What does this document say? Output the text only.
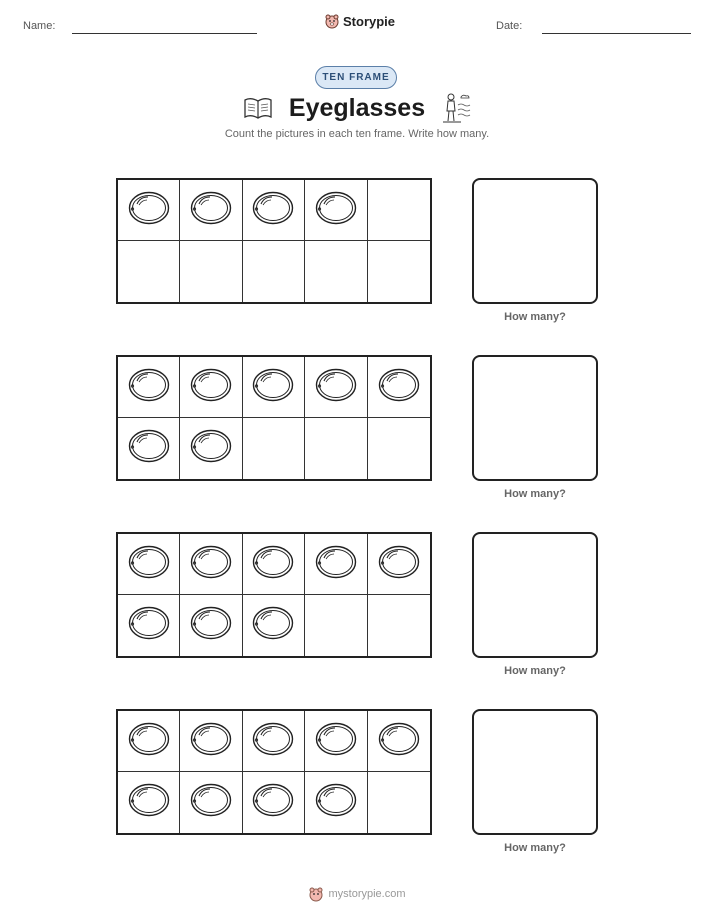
Name:	Storypie	Date:
TEN FRAME
Eyeglasses
Count the pictures in each ten frame. Write how many.
How many?
How many?
How many?
How many?
mystorypie.com
